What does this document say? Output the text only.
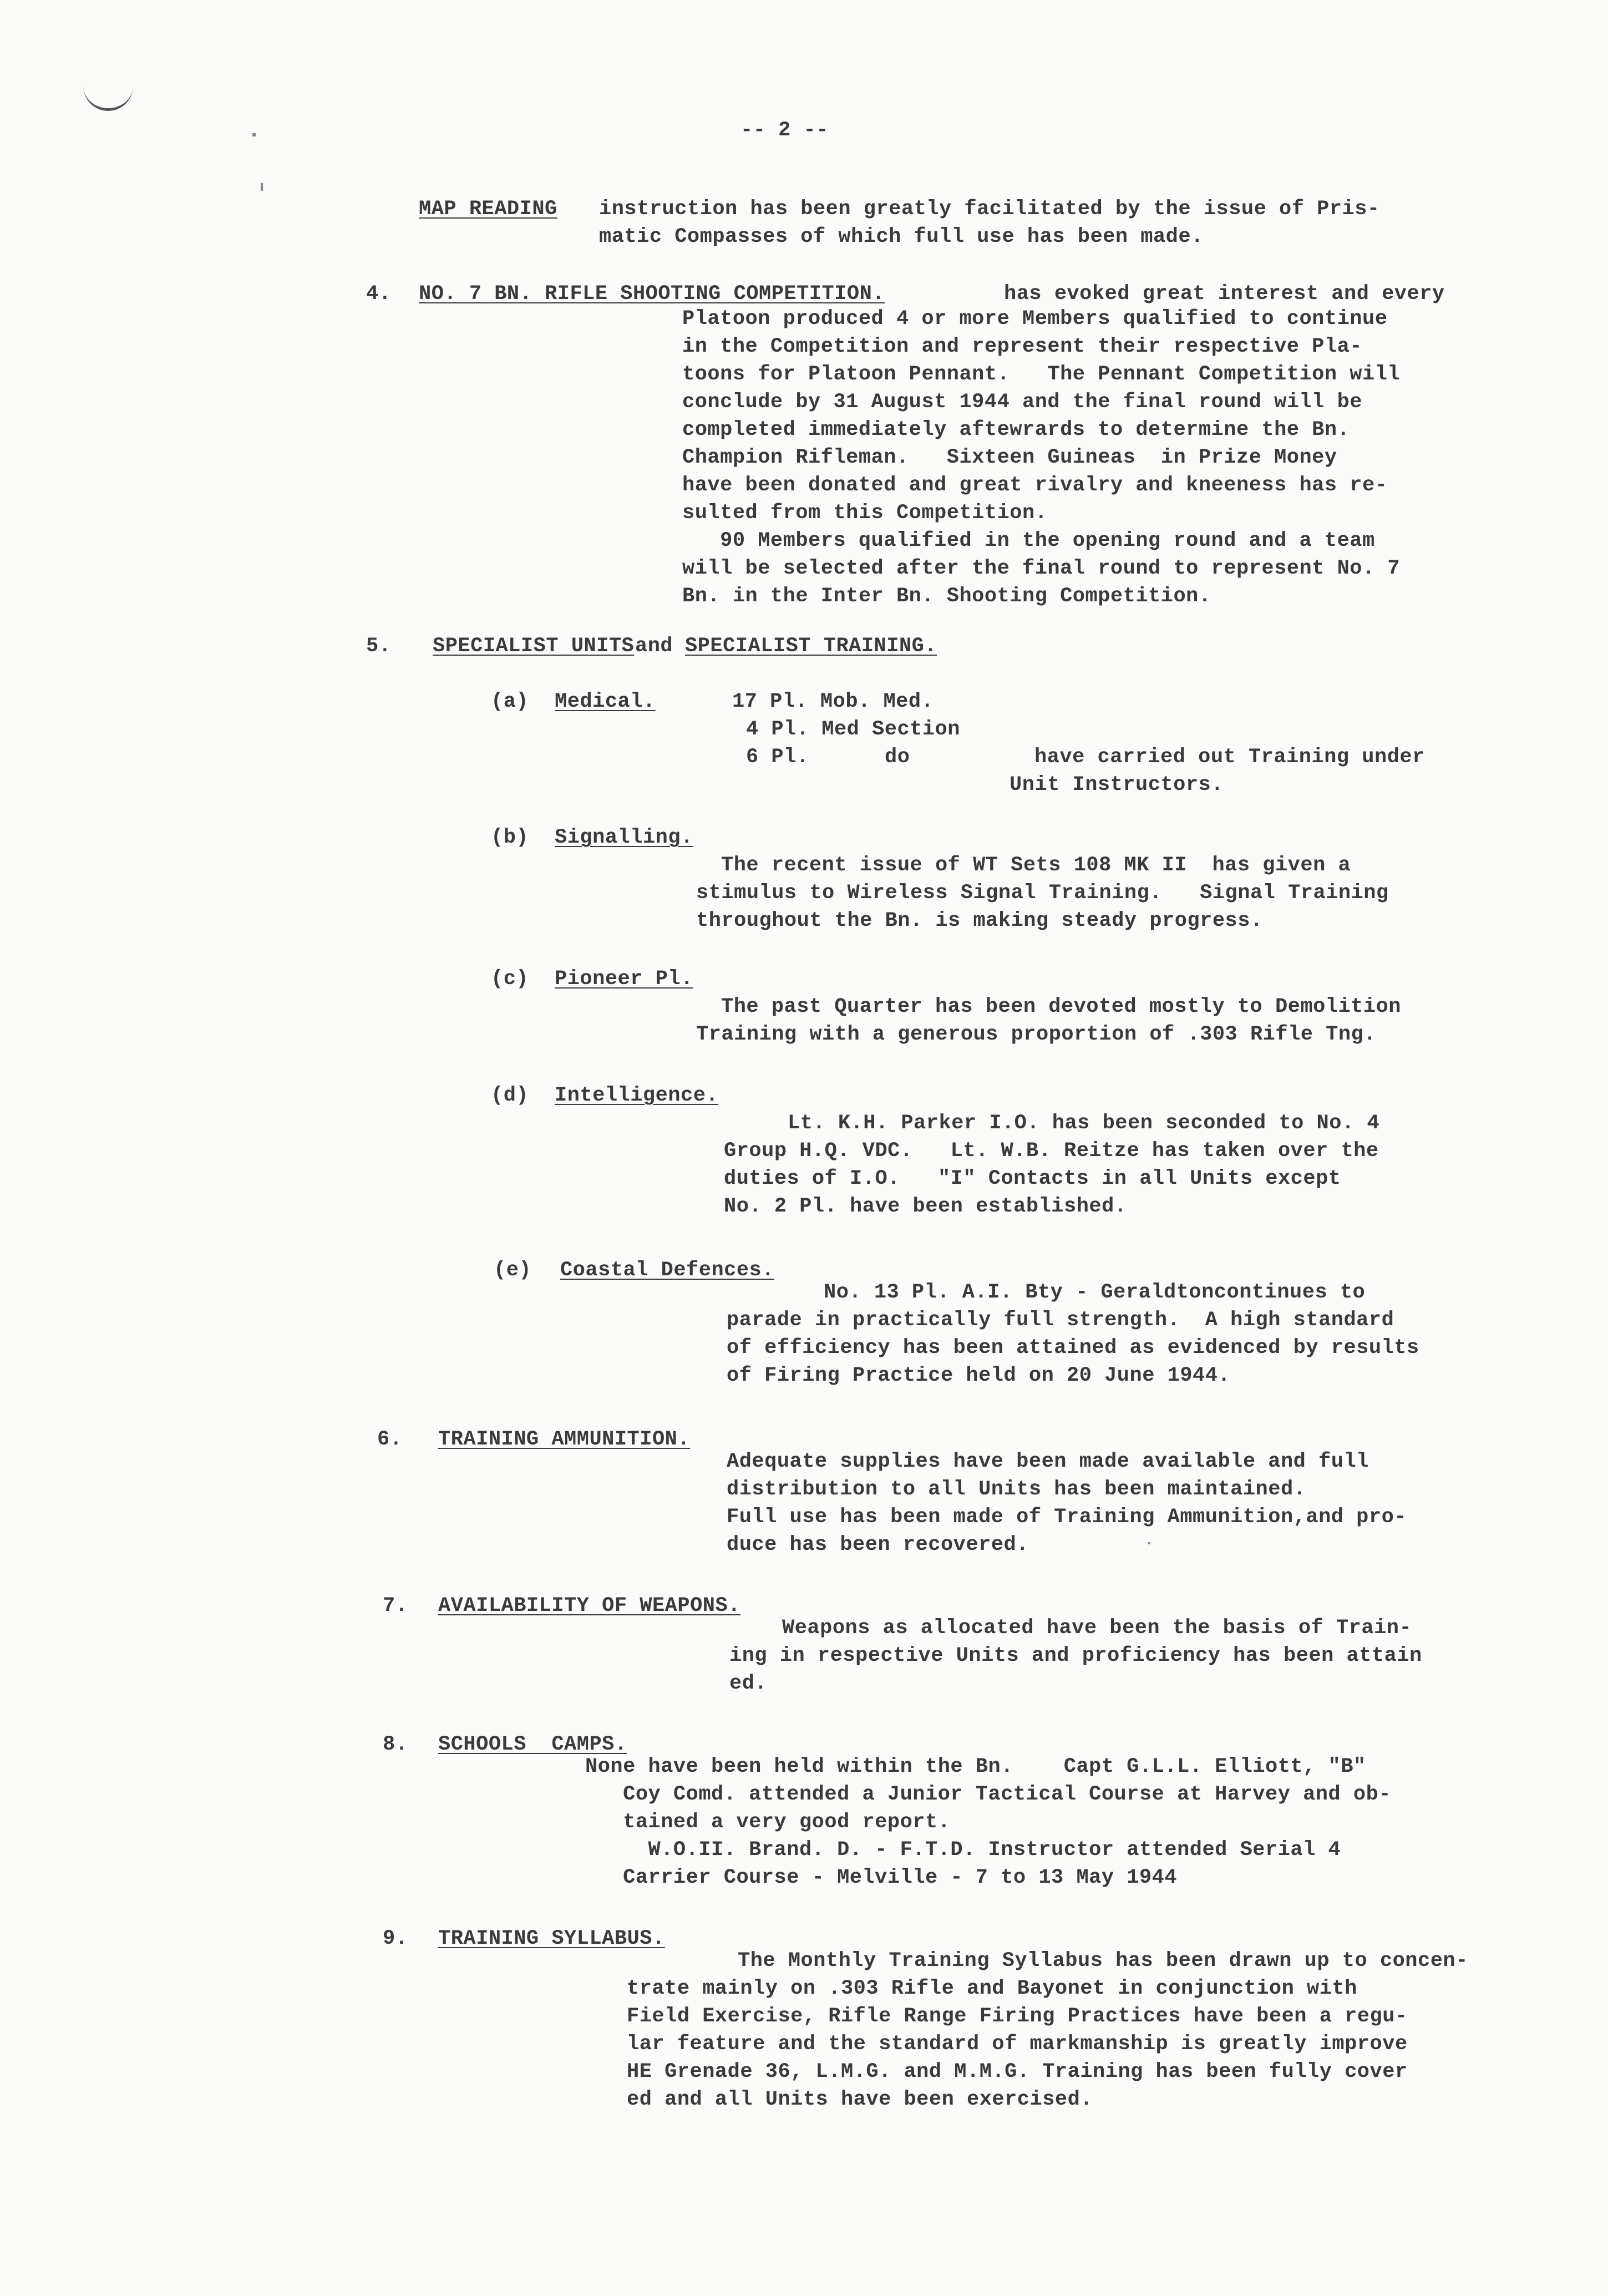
-- 2 --
MAP READING instruction has been greatly facilitated by the issue of Pris-
matic Compasses of which full use has been made.
4. NO. 7 BN. RIFLE SHOOTING COMPETITION.	has evoked great interest and every
Platoon produced 4 or more Members qualified to continue
in the Competition and represent their respective Pla-
toons for Platoon Pennant.   The Pennant Competition will
conclude by 31 August 1944 and the final round will be
completed immediately aftewrards to determine the Bn.
Champion Rifleman.   Sixteen Guineas  in Prize Money
have been donated and great rivalry and kneeness has re-
sulted from this Competition.
90 Members qualified in the opening round and a team
will be selected after the final round to represent No. 7
Bn. in the Inter Bn. Shooting Competition.
5. SPECIALIST UNITS and SPECIALIST TRAINING.
(a) Medical.	17 Pl. Mob. Med.
4 Pl. Med Section
6 Pl.	do	have carried out Training under
Unit Instructors.
(b) Signalling.
The recent issue of WT Sets 108 MK II  has given a
stimulus to Wireless Signal Training.   Signal Training
throughout the Bn. is making steady progress.
(c) Pioneer Pl.
The past Quarter has been devoted mostly to Demolition
Training with a generous proportion of .303 Rifle Tng.
(d) Intelligence.
Lt. K.H. Parker I.O. has been seconded to No. 4
Group H.Q. VDC.   Lt. W.B. Reitze has taken over the
duties of I.O.   "I" Contacts in all Units except
No. 2 Pl. have been established.
(e) Coastal Defences.
No. 13 Pl. A.I. Bty - Geraldtoncontinues to
parade in practically full strength.  A high standard
of efficiency has been attained as evidenced by results
of Firing Practice held on 20 June 1944.
6. TRAINING AMMUNITION.
Adequate supplies have been made available and full
distribution to all Units has been maintained.
Full use has been made of Training Ammunition,and pro-
duce has been recovered.
7. AVAILABILITY OF WEAPONS.
Weapons as allocated have been the basis of Train-
ing in respective Units and proficiency has been attain
ed.
8. SCHOOLS  CAMPS.
None have been held within the Bn.    Capt G.L.L. Elliott, "B"
Coy Comd. attended a Junior Tactical Course at Harvey and ob-
tained a very good report.
W.O.II. Brand. D. - F.T.D. Instructor attended Serial 4
Carrier Course - Melville - 7 to 13 May 1944
9. TRAINING SYLLABUS.
The Monthly Training Syllabus has been drawn up to concen-
trate mainly on .303 Rifle and Bayonet in conjunction with
Field Exercise, Rifle Range Firing Practices have been a regu-
lar feature and the standard of markmanship is greatly improve
HE Grenade 36, L.M.G. and M.M.G. Training has been fully cover
ed and all Units have been exercised.
